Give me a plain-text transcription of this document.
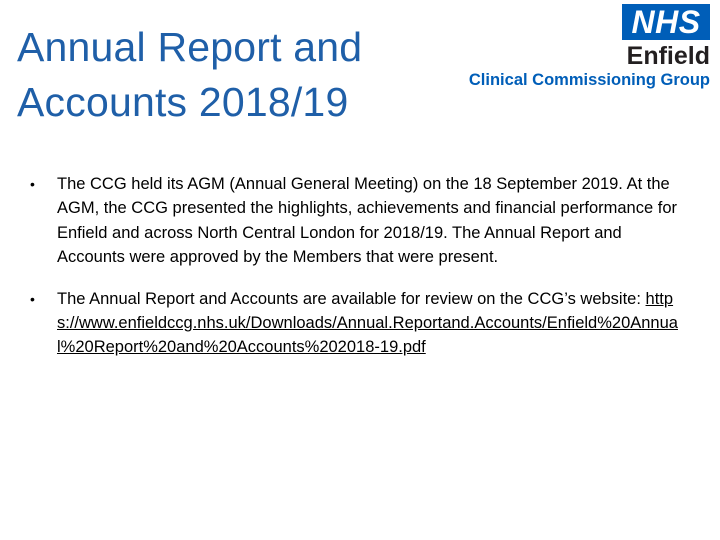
Annual Report and
Accounts 2018/19
NHS
Enfield
Clinical Commissioning Group
• The CCG held its AGM (Annual General Meeting) on the 18 September 2019. At the AGM, the CCG presented the highlights, achievements and financial performance for Enfield and across North Central London for 2018/19. The Annual Report and Accounts were approved by the Members that were present.
• The Annual Report and Accounts are available for review on the CCG’s website: https://www.enfieldccg.nhs.uk/Downloads/Annual.Reportand.Accounts/Enfield%20Annual%20Report%20and%20Accounts%202018-19.pdf
